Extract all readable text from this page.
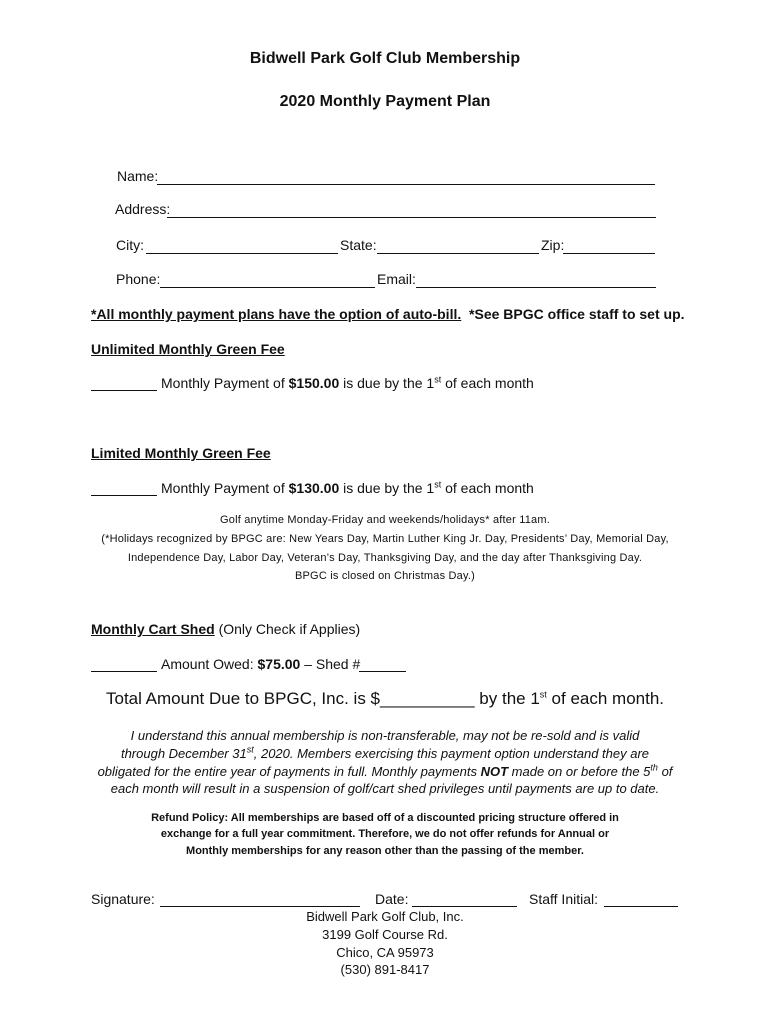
Bidwell Park Golf Club Membership
2020 Monthly Payment Plan
Name:
Address:
City:	State:	Zip:
Phone:	Email:
*All monthly payment plans have the option of auto-bill. *See BPGC office staff to set up.
Unlimited Monthly Green Fee
Monthly Payment of $150.00 is due by the 1st of each month
Limited Monthly Green Fee
Monthly Payment of $130.00 is due by the 1st of each month
Golf anytime Monday-Friday and weekends/holidays* after 11am.
(*Holidays recognized by BPGC are: New Years Day, Martin Luther King Jr. Day, Presidents’ Day, Memorial Day,
Independence Day, Labor Day, Veteran’s Day, Thanksgiving Day, and the day after Thanksgiving Day.
BPGC is closed on Christmas Day.)
Monthly Cart Shed (Only Check if Applies)
Amount Owed: $75.00 – Shed #
Total Amount Due to BPGC, Inc. is $__________ by the 1st of each month.
I understand this annual membership is non-transferable, may not be re-sold and is valid
through December 31st, 2020. Members exercising this payment option understand they are
obligated for the entire year of payments in full. Monthly payments NOT made on or before the 5th of
each month will result in a suspension of golf/cart shed privileges until payments are up to date.
Refund Policy: All memberships are based off of a discounted pricing structure offered in
exchange for a full year commitment. Therefore, we do not offer refunds for Annual or
Monthly memberships for any reason other than the passing of the member.
Signature:	Date:	Staff Initial:
Bidwell Park Golf Club, Inc.
3199 Golf Course Rd.
Chico, CA 95973
(530) 891-8417
